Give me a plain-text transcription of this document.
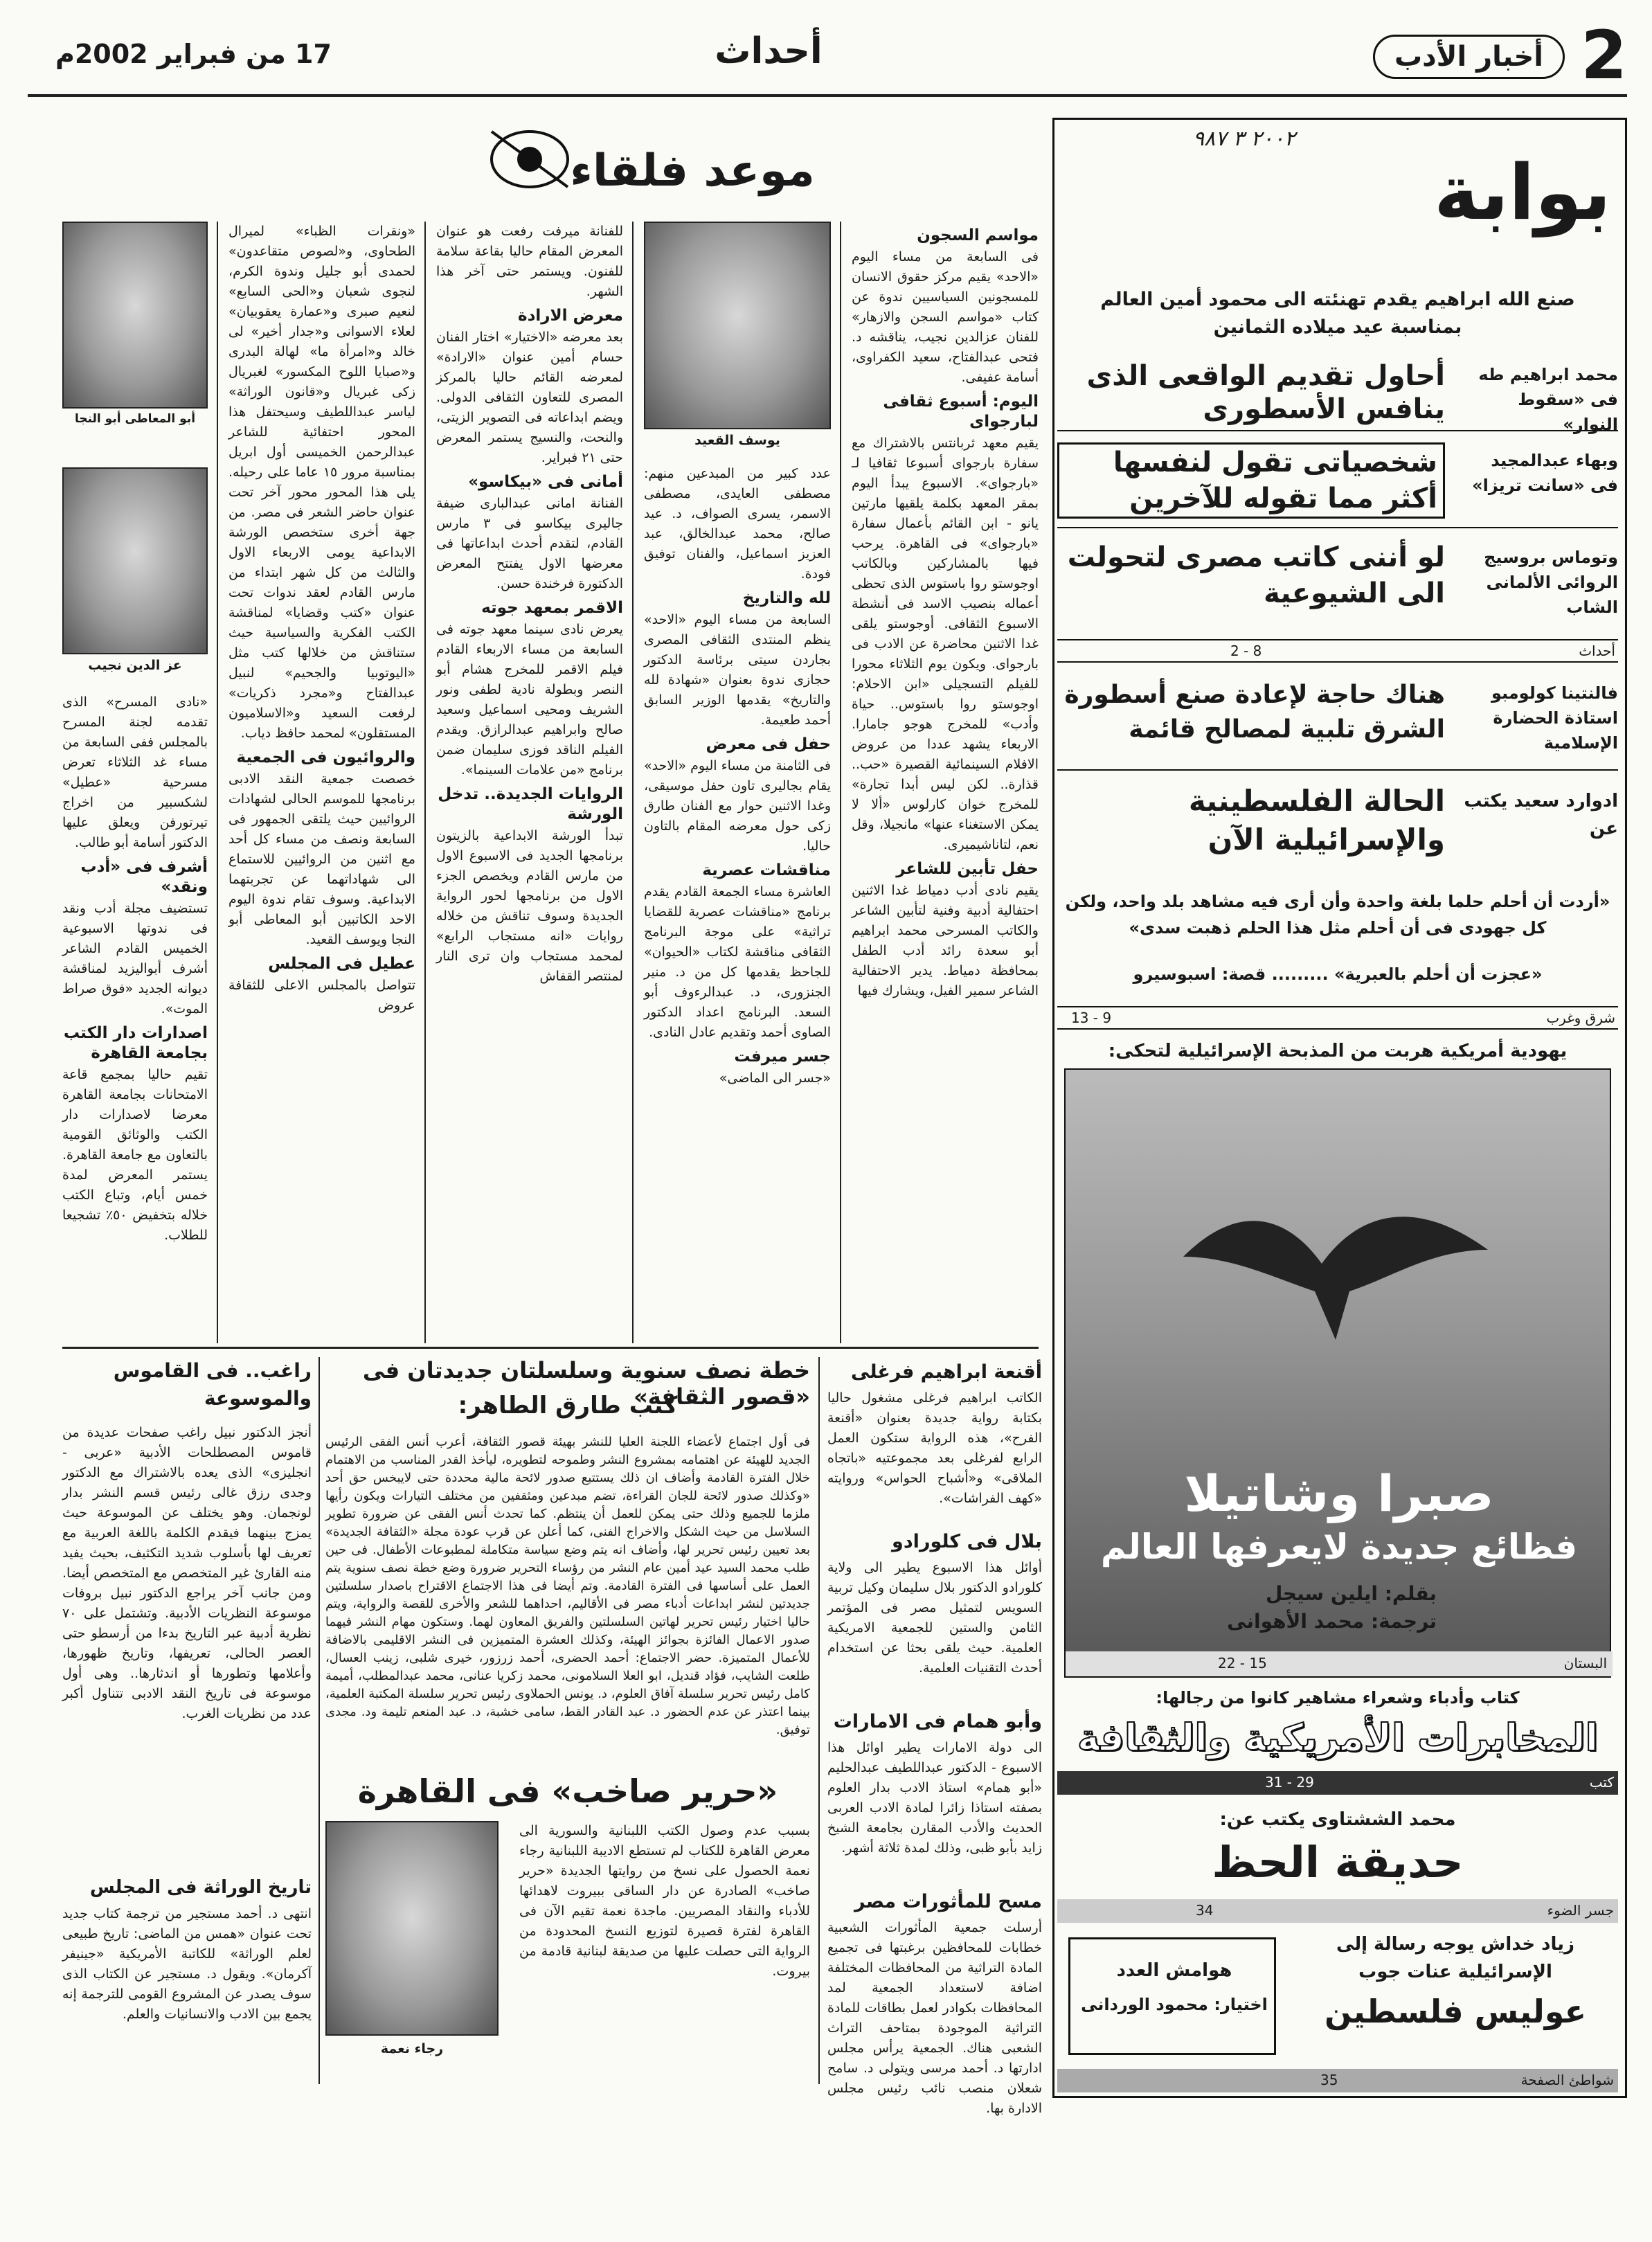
2
أخبار الأدب
أحداث
17 من فبراير 2002م
موعد فلقاء
مواسم السجون

فى السابعة من مساء اليوم «الاحد» يقيم مركز حقوق الانسان للمسجونين السياسيين ندوة عن كتاب «مواسم السجن والازهار» للفنان عزالدين نجيب، يناقشه د. فتحى عبدالفتاح، سعيد الكفراوى، أسامة عفيفى.

اليوم: أسبوع ثقافى لبارجواى

يقيم معهد ثربانتس بالاشتراك مع سفارة بارجواى أسبوعا ثقافيا لـ «بارجواى». الاسبوع يبدأ اليوم بمقر المعهد بكلمة يلقيها مارتين يانو - ابن القائم بأعمال سفارة «بارجواى» فى القاهرة. يرحب فيها بالمشاركين وبالكاتب اوجوستو روا باستوس الذى تحظى أعماله بنصيب الاسد فى أنشطة الاسبوع الثقافى. أوجوستو يلقى غدا الاثنين محاضرة عن الادب فى بارجواى. ويكون يوم الثلاثاء محورا للفيلم التسجيلى «ابن الاحلام: اوجوستو روا باستوس.. حياة وأدب» للمخرج هوجو جامارا. الاربعاء يشهد عددا من عروض الافلام السينمائية القصيرة «حب.. قذارة.. لكن ليس أبدا تجارة» للمخرج خوان كارلوس «ألا لا يمكن الاستغناء عنها» مانجيلا، وقل نعم، لتاناشيميرى.

حفل تأبين للشاعر

يقيم نادى أدب دمياط غدا الاثنين احتفالية أدبية وفنية لتأبين الشاعر والكاتب المسرحى محمد ابراهيم أبو سعدة رائد أدب الطفل بمحافظة دمياط. يدير الاحتفالية الشاعر سمير الفيل، ويشارك فيها

يوسف القعيد

عدد كبير من المبدعين منهم: مصطفى العايدى، مصطفى الاسمر، يسرى الصواف، د. عيد صالح، محمد عبدالخالق، عبد العزيز اسماعيل، والفنان توفيق فودة.

لله والتاريخ

السابعة من مساء اليوم «الاحد» ينظم المنتدى الثقافى المصرى بجاردن سيتى برئاسة الدكتور حجازى ندوة بعنوان «شهادة لله والتاريخ» يقدمها الوزير السابق أحمد طعيمة.

حفل فى معرض

فى الثامنة من مساء اليوم «الاحد» يقام بجاليرى تاون حفل موسيقى، وغدا الاثنين حوار مع الفنان طارق زكى حول معرضه المقام بالتاون حاليا.

مناقشات عصرية

العاشرة مساء الجمعة القادم يقدم برنامج «مناقشات عصرية للقضايا تراثية» على موجة البرنامج الثقافى مناقشة لكتاب «الحيوان» للجاحظ يقدمها كل من د. منير الجنزورى، د. عبدالرءوف أبو السعد. البرنامج اعداد الدكتور الصاوى أحمد وتقديم عادل النادى.

جسر ميرفت

«جسر الى الماضى»

للفنانة ميرفت رفعت هو عنوان المعرض المقام حاليا بقاعة سلامة للفنون. ويستمر حتى آخر هذا الشهر.

معرض الارادة

بعد معرضه «الاختيار» اختار الفنان حسام أمين عنوان «الارادة» لمعرضه القائم حاليا بالمركز المصرى للتعاون الثقافى الدولى. ويضم ابداعاته فى التصوير الزيتى، والنحت، والنسيج يستمر المعرض حتى ٢١ فبراير.

أمانى فى «بيكاسو»

الفنانة امانى عبدالبارى ضيفة جاليرى بيكاسو فى ٣ مارس القادم، لتقدم أحدث ابداعاتها فى معرضها الاول يفتتح المعرض الدكتورة فرخندة حسن.

الاقمر بمعهد جوته

يعرض نادى سينما معهد جوته فى السابعة من مساء الاربعاء القادم فيلم الاقمر للمخرج هشام أبو النصر وبطولة نادية لطفى ونور الشريف ومحيى اسماعيل وسعيد صالح وابراهيم عبدالرازق. ويقدم الفيلم الناقد فوزى سليمان ضمن برنامج «من علامات السينما».

الروايات الجديدة.. تدخل الورشة

تبدأ الورشة الابداعية بالزيتون برنامجها الجديد فى الاسبوع الاول من مارس القادم ويخصص الجزء الاول من برنامجها لحور الرواية الجديدة وسوف تناقش من خلاله روايات «انه مستجاب الرابع» لمحمد مستجاب وان ترى النار لمنتصر القفاش

«ونقرات الظباء» لميرال الطحاوى، و«لصوص متقاعدون» لحمدى أبو جليل وندوة الكرم، لنجوى شعبان و«الحى السابع» لنعيم صبرى و«عمارة يعقوبيان» لعلاء الاسوانى و«جدار أخير» لى خالد و«امرأة ما» لهالة البدرى و«صبايا اللوح المكسور» لغبريال زكى غبريال و«قانون الوراثة» لياسر عبداللطيف وسيحتفل هذا المحور احتفائية للشاعر عبدالرحمن الخميسى أول ابريل بمناسبة مرور ١٥ عاما على رحيله. يلى هذا المحور محور آخر تحت عنوان حاضر الشعر فى مصر. من جهة أخرى ستخصص الورشة الابداعية يومى الاربعاء الاول والثالث من كل شهر ابتداء من مارس القادم لعقد ندوات تحت عنوان «كتب وقضايا» لمناقشة الكتب الفكرية والسياسية حيث ستناقش من خلالها كتب مثل «اليوتوبيا والجحيم» لنبيل عبدالفتاح و«مجرد ذكريات» لرفعت السعيد و«الاسلاميون المستقلون» لمحمد حافظ دياب.

والروائيون فى الجمعية

خصصت جمعية النقد الادبى برنامجها للموسم الحالى لشهادات الروائيين حيث يلتقى الجمهور فى السابعة ونصف من مساء كل أحد مع اثنين من الروائيين للاستماع الى شهاداتهما عن تجربتهما الابداعية. وسوف تقام ندوة اليوم الاحد الكاتبين أبو المعاطى أبو النجا ويوسف القعيد.

عطيل فى المجلس

تتواصل بالمجلس الاعلى للثقافة عروض

أبو المعاطى أبو النجا
عز الدين نجيب

«نادى المسرح» الذى تقدمه لجنة المسرح بالمجلس ففى السابعة من مساء غد الثلاثاء تعرض مسرحية «عطيل» لشكسبير من اخراج تيرتورفن ويعلق عليها الدكتور أسامة أبو طالب.

أشرف فى «أدب ونقد»

تستضيف مجلة أدب ونقد فى ندوتها الاسبوعية الخميس القادم الشاعر أشرف أبواليزيد لمناقشة ديوانه الجديد «فوق صراط الموت».

اصدارات دار الكتب بجامعة القاهرة

تقيم حاليا بمجمع قاعة الامتحانات بجامعة القاهرة معرضا لاصدارات دار الكتب والوثائق القومية بالتعاون مع جامعة القاهرة. يستمر المعرض لمدة خمس أيام، وتباع الكتب خلاله بتخفيض ٥٠٪ تشجيعا للطلاب.

٢٠٠٢ ٣ ٩٨٧
بوابة
صنع الله ابراهيم يقدم تهنئته الى محمود أمين العالم بمناسبة عيد ميلاده الثمانين
محمد ابراهيم طه فى «سقوط النوار»
أحاول تقديم الواقعى الذى ينافس الأسطورى
وبهاء عبدالمجيد فى «سانت تريزا»
شخصياتى تقول لنفسها أكثر مما تقوله للآخرين
وتوماس بروسيج الروائى الألمانى الشاب
لو أننى كاتب مصرى لتحولت الى الشيوعية
أحداث
8 - 2
فالنتينا كولومبو استاذة الحضارة الإسلامية
هناك حاجة لإعادة صنع أسطورة الشرق تلبية لمصالح قائمة
ادوارد سعيد يكتب عن
الحالة الفلسطينية والإسرائيلية الآن
«أردت أن أحلم حلما بلغة واحدة وأن أرى فيه مشاهد بلد واحد، ولكن كل جهودى فى أن أحلم مثل هذا الحلم ذهبت سدى»
«عجزت أن أحلم بالعبرية» ......... قصة: اسبوسيرو
شرق وغرب
9 - 13
يهودية أمريكية هربت من المذبحة الإسرائيلية لتحكى:
صبرا وشاتيلا
فظائع جديدة لايعرفها العالم
بقلم: ايلين سيجل
ترجمة: محمد الأهوانى
البستان
15 - 22
كتاب وأدباء وشعراء مشاهير كانوا من رجالها:
المخابرات الأمريكية والثقافة
كتب
29 - 31
محمد الششتاوى يكتب عن:
حديقة الحظ
جسر الضوء
34
زياد خداش يوجه رسالة إلى الإسرائيلية عنات جوب
عوليس فلسطين
هوامش العدد
اختيار: محمود الوردانى
شواطئ الصفحة
35
خطة نصف سنوية وسلسلتان جديدتان فى «قصور الثقافة»
كتب طارق الطاهر:
فى أول اجتماع لأعضاء اللجنة العليا للنشر بهيئة قصور الثقافة، أعرب أنس الفقى الرئيس الجديد للهيئة عن اهتمامه بمشروع النشر وطموحه لتطويره، ليأخذ القدر المناسب من الاهتمام خلال الفترة القادمة وأضاف ان ذلك يستتبع صدور لائحة مالية محددة حتى لايبخس حق أحد «وكذلك صدور لائحة للجان القراءة، تضم مبدعين ومثقفين من مختلف التيارات ويكون رأيها ملزما للجميع وذلك حتى يمكن للعمل أن ينتظم. كما تحدث أنس الفقى عن ضرورة تطوير السلاسل من حيث الشكل والاخراج الفنى، كما أعلن عن قرب عودة مجلة «الثقافة الجديدة» بعد تعيين رئيس تحرير لها، وأضاف انه يتم وضع سياسة متكاملة لمطبوعات الأطفال. فى حين طلب محمد السيد عيد أمين عام النشر من رؤساء التحرير ضرورة وضع خطة نصف سنوية يتم العمل على أساسها فى الفترة القادمة. وتم أيضا فى هذا الاجتماع الاقتراح باصدار سلسلتين جديدتين لنشر ابداعات أدباء مصر فى الأقاليم، احداهما للشعر والأخرى للقصة والرواية، ويتم حاليا اختيار رئيس تحرير لهاتين السلسلتين والفريق المعاون لهما. وستكون مهام النشر فيهما صدور الاعمال الفائزة بجوائز الهيئة، وكذلك العشرة المتميزين فى النشر الاقليمى بالاضافة للأعمال المتميزة. حضر الاجتماع: أحمد الحضرى، أحمد زرزور، خيرى شلبى، زينب العسال، طلعت الشايب، فؤاد قنديل، ابو العلا السلامونى، محمد زكريا عنانى، محمد عبدالمطلب، أميمة كامل رئيس تحرير سلسلة آفاق العلوم، د. يونس الحملاوى رئيس تحرير سلسلة المكتبة العلمية، بينما اعتذر عن عدم الحضور د. عبد القادر القط، سامى خشبة، د. عبد المنعم تليمة ود. مجدى توفيق.
«حرير صاخب» فى القاهرة
بسبب عدم وصول الكتب اللبنانية والسورية الى معرض القاهرة للكتاب لم تستطع الاديبة اللبنانية رجاء نعمة الحصول على نسخ من روايتها الجديدة «حرير صاخب» الصادرة عن دار الساقى ببيروت لاهدائها للأدباء والنقاد المصريين. ماجدة نعمة تقيم الآن فى القاهرة لفترة قصيرة لتوزيع النسخ المحدودة من الرواية التى حصلت عليها من صديقة لبنانية قادمة من بيروت.
رجاء نعمة
راغب.. فى القاموس والموسوعة
أنجز الدكتور نبيل راغب صفحات عديدة من قاموس المصطلحات الأدبية «عربى - انجليزى» الذى يعده بالاشتراك مع الدكتور وجدى رزق غالى رئيس قسم النشر بدار لونجمان. وهو يختلف عن الموسوعة حيث يمزج بينهما فيقدم الكلمة باللغة العربية مع تعريف لها بأسلوب شديد التكثيف، بحيث يفيد منه القارئ غير المتخصص مع المتخصص أيضا. ومن جانب آخر يراجع الدكتور نبيل بروفات موسوعة النظريات الأدبية. وتشتمل على ٧٠ نظرية أدبية عبر التاريخ بدءا من أرسطو حتى العصر الحالى، تعريفها، وتاريخ ظهورها، وأعلامها وتطورها أو اندثارها.. وهى أول موسوعة فى تاريخ النقد الادبى تتناول أكبر عدد من نظريات الغرب.
تاريخ الوراثة فى المجلس
انتهى د. أحمد مستجير من ترجمة كتاب جديد تحت عنوان «همس من الماضى: تاريخ طبيعى لعلم الوراثة» للكاتبة الأمريكية «جينيفر آكرمان». ويقول د. مستجير عن الكتاب الذى سوف يصدر عن المشروع القومى للترجمة إنه يجمع بين الادب والانسانيات والعلم.
أقنعة ابراهيم فرغلى
الكاتب ابراهيم فرغلى مشغول حاليا بكتابة رواية جديدة بعنوان «أقنعة الفرح»، هذه الرواية ستكون العمل الرابع لفرغلى بعد مجموعتيه «باتجاه الملاقى» و«أشباح الحواس» وروايته «كهف الفراشات».
بلال فى كلورادو
أوائل هذا الاسبوع يطير الى ولاية كلورادو الدكتور بلال سليمان وكيل تربية السويس لتمثيل مصر فى المؤتمر الثامن والستين للجمعية الامريكية العلمية. حيث يلقى بحثا عن استخدام أحدث التقنيات العلمية.
وأبو همام فى الامارات
الى دولة الامارات يطير اوائل هذا الاسبوع - الدكتور عبداللطيف عبدالحليم «أبو همام» استاذ الادب بدار العلوم بصفته استاذا زائرا لمادة الادب العربى الحديث والأدب المقارن بجامعة الشيخ زايد بأبو ظبى، وذلك لمدة ثلاثة أشهر.
مسح للمأثورات مصر
أرسلت جمعية المأثورات الشعبية خطابات للمحافظين برغبتها فى تجميع المادة التراثية من المحافظات المختلفة اضافة لاستعداد الجمعية لمد المحافظات بكوادر لعمل بطاقات للمادة التراثية الموجودة بمتاحف التراث الشعبى هناك. الجمعية يرأس مجلس ادارتها د. أحمد مرسى ويتولى د. سامح شعلان منصب نائب رئيس مجلس الادارة بها.
